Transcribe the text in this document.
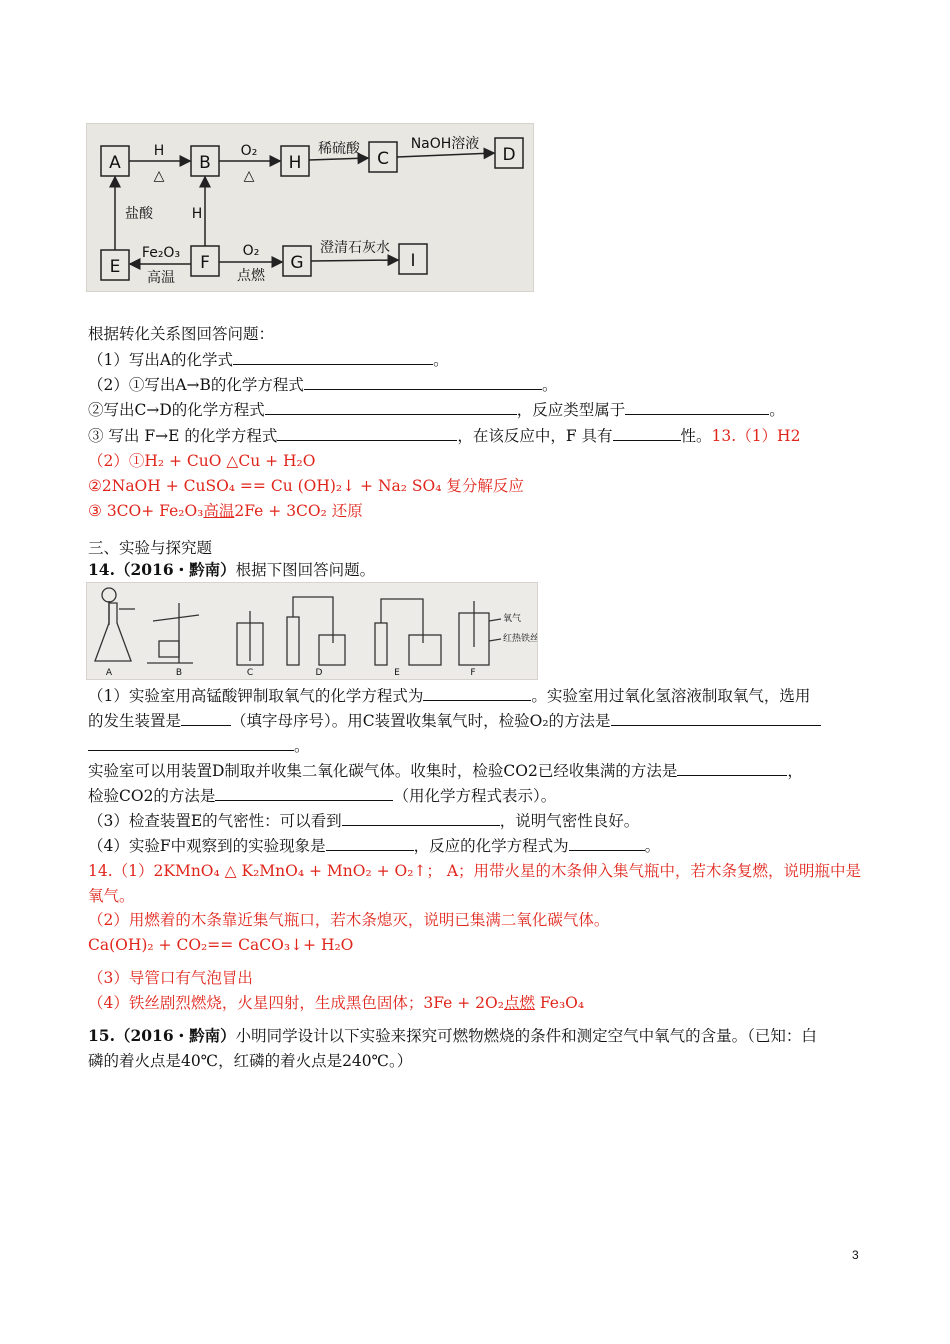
A	B	H	C	D
E	F	G	I
H
△
O₂
△
稀硫酸	NaOH溶液
盐酸	H
Fe₂O₃
高温
O₂
点燃
澄清石灰水
根据转化关系图回答问题：
（1）写出A的化学式	。
（2）①写出A→B的化学方程式	。
②写出C→D的化学方程式	，反应类型属于	。
③ 写出 F→E 的化学方程式	，在该反应中，F 具有	性。13.（1）H2
（2）①H₂ + CuO △Cu + H₂O
②2NaOH + CuSO₄ == Cu (OH)₂↓ + Na₂ SO₄ 复分解反应
③ 3CO+ Fe₂O₃高温2Fe + 3CO₂ 还原
三、实验与探究题
14.（2016・黔南）根据下图回答问题。
A	B	C	D	E	F
氧气
红热铁丝
（1）实验室用高锰酸钾制取氧气的化学方程式为	。实验室用过氧化氢溶液制取氧气，选用
的发生装置是	（填字母序号）。用C装置收集氧气时，检验O₂的方法是
。
实验室可以用装置D制取并收集二氧化碳气体。收集时，检验CO2已经收集满的方法是	，
检验CO2的方法是	（用化学方程式表示）。
（3）检查装置E的气密性：可以看到	，说明气密性良好。
（4）实验F中观察到的实验现象是	，反应的化学方程式为	。
14.（1）2KMnO₄ △ K₂MnO₄ + MnO₂ + O₂↑； A；用带火星的木条伸入集气瓶中，若木条复燃，说明瓶中是
氧气。
（2）用燃着的木条靠近集气瓶口，若木条熄灭，说明已集满二氧化碳气体。
Ca(OH)₂ + CO₂== CaCO₃↓+ H₂O
（3）导管口有气泡冒出
（4）铁丝剧烈燃烧，火星四射，生成黑色固体；3Fe + 2O₂点燃 Fe₃O₄
15.（2016・黔南）小明同学设计以下实验来探究可燃物燃烧的条件和测定空气中氧气的含量。（已知：白
磷的着火点是40℃，红磷的着火点是240℃。）
3
